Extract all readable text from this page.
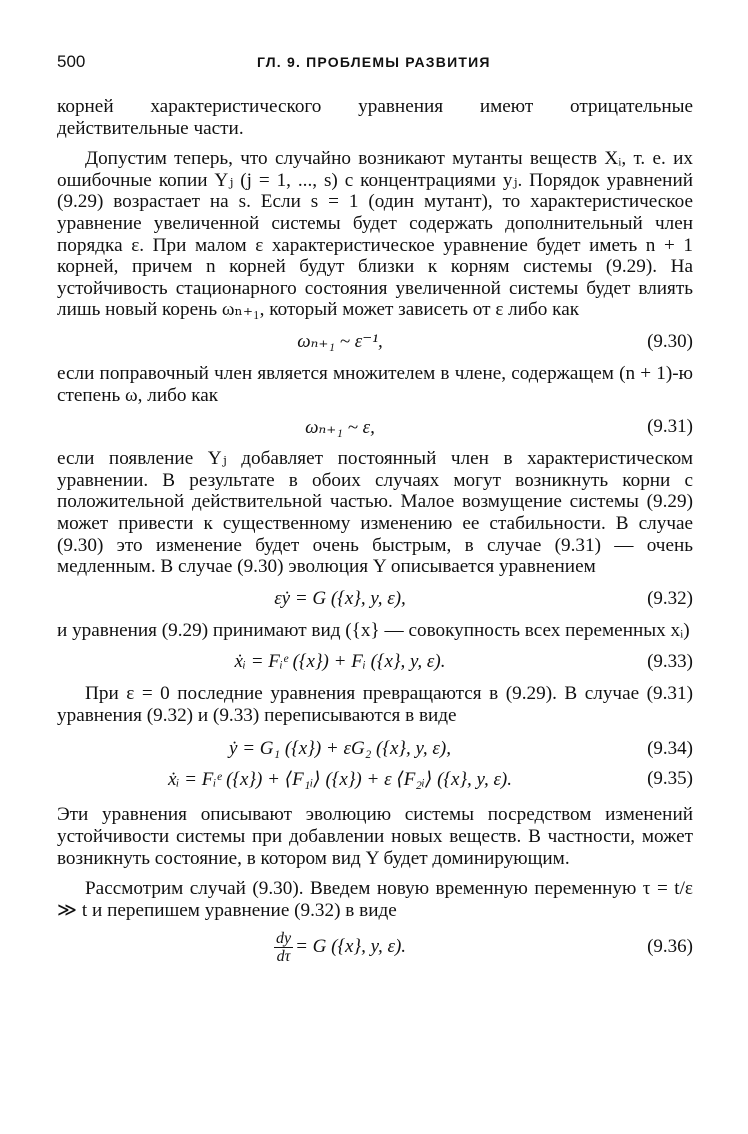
500	ГЛ. 9. ПРОБЛЕМЫ РАЗВИТИЯ

корней характеристического уравнения имеют отрицательные действительные части.

Допустим теперь, что случайно возникают мутанты веществ Xᵢ, т. е. их ошибочные копии Yⱼ (j = 1, ..., s) с концентрациями yⱼ. Порядок уравнений (9.29) возрастает на s. Если s = 1 (один мутант), то характеристическое уравнение увеличенной системы будет содержать дополнительный член порядка ε. При малом ε характеристическое уравнение будет иметь n + 1 корней, причем n корней будут близки к корням системы (9.29). На устойчивость стационарного состояния увеличенной системы будет влиять лишь новый корень ωₙ₊₁, который может зависеть от ε либо как

ωₙ₊₁ ~ ε⁻¹,	(9.30)

если поправочный член является множителем в члене, содержащем (n + 1)-ю степень ω, либо как

ωₙ₊₁ ~ ε,	(9.31)

если появление Yⱼ добавляет постоянный член в характеристическом уравнении. В результате в обоих случаях могут возникнуть корни с положительной действительной частью. Малое возмущение системы (9.29) может привести к существенному изменению ее стабильности. В случае (9.30) это изменение будет очень быстрым, в случае (9.31) — очень медленным. В случае (9.30) эволюция Y описывается уравнением

εẏ = G ({x}, y, ε),	(9.32)

и уравнения (9.29) принимают вид ({x} — совокупность всех переменных xᵢ)

ẋᵢ = Fᵢᵉ ({x}) + Fᵢ ({x}, y, ε).	(9.33)

При ε = 0 последние уравнения превращаются в (9.29). В случае (9.31) уравнения (9.32) и (9.33) переписываются в виде

ẏ = G₁ ({x}) + εG₂ ({x}, y, ε),	(9.34)
ẋᵢ = Fᵢᵉ ({x}) + ⟨F₁ᵢ⟩ ({x}) + ε ⟨F₂ᵢ⟩ ({x}, y, ε).	(9.35)

Эти уравнения описывают эволюцию системы посредством изменений устойчивости системы при добавлении новых веществ. В частности, может возникнуть состояние, в котором вид Y будет доминирующим.

Рассмотрим случай (9.30). Введем новую временную переменную τ = t/ε ≫ t и перепишем уравнение (9.32) в виде

$\frac{dy}{d\tau} = G$ ({x}, y, ε).	(9.36)
